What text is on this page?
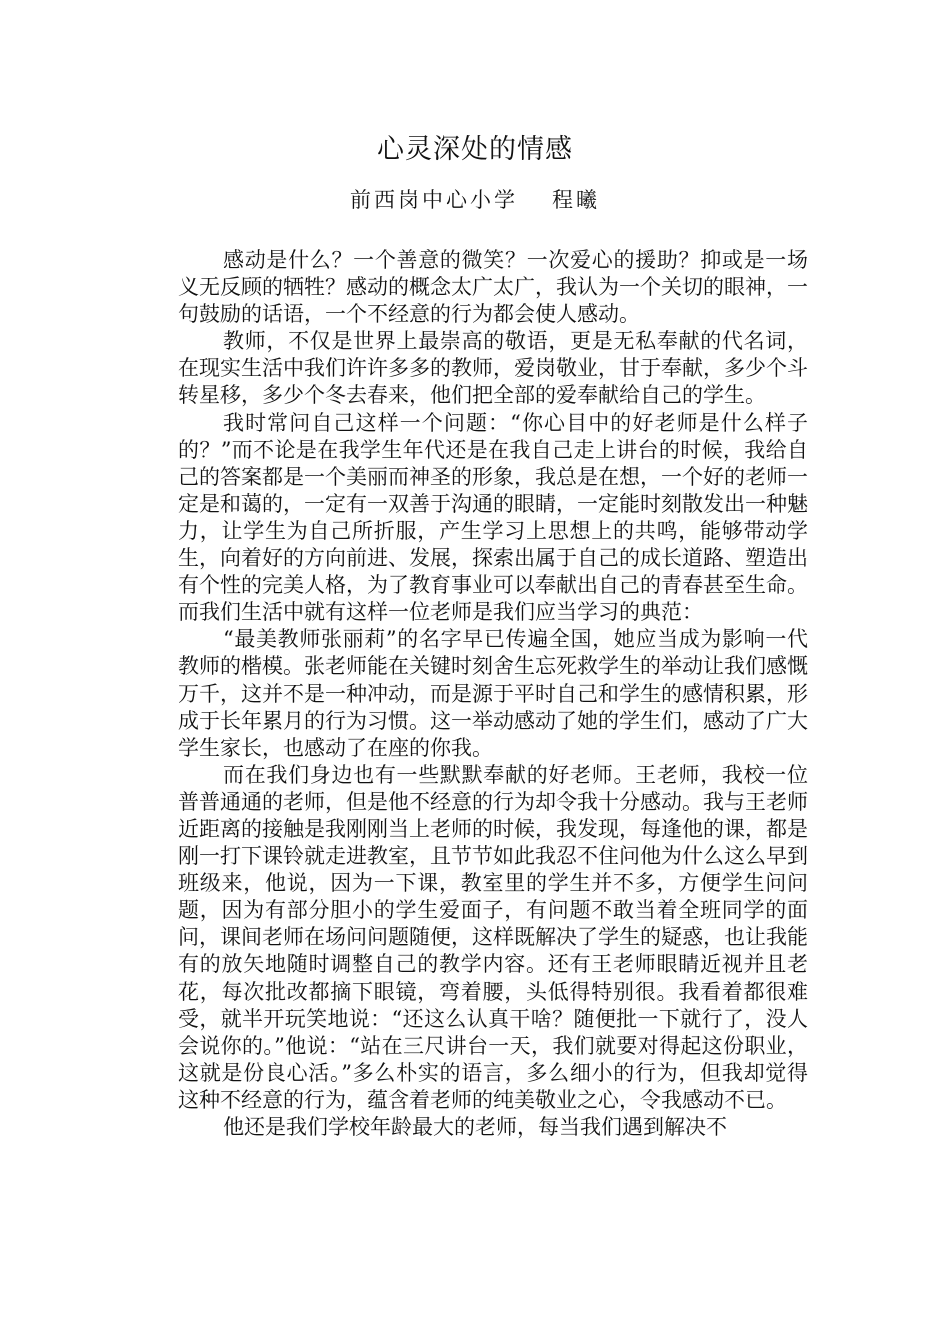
心灵深处的情感
前西岗中心小学 程曦

感动是什么？一个善意的微笑？一次爱心的援助？抑或是一场义无反顾的牺牲？感动的概念太广太广，我认为一个关切的眼神，一句鼓励的话语，一个不经意的行为都会使人感动。

教师，不仅是世界上最崇高的敬语，更是无私奉献的代名词，在现实生活中我们许许多多的教师，爱岗敬业，甘于奉献，多少个斗转星移，多少个冬去春来，他们把全部的爱奉献给自己的学生。

我时常问自己这样一个问题：“你心目中的好老师是什么样子的？”而不论是在我学生年代还是在我自己走上讲台的时候，我给自己的答案都是一个美丽而神圣的形象，我总是在想，一个好的老师一定是和蔼的，一定有一双善于沟通的眼睛，一定能时刻散发出一种魅力，让学生为自己所折服，产生学习上思想上的共鸣，能够带动学生，向着好的方向前进、发展，探索出属于自己的成长道路、塑造出有个性的完美人格，为了教育事业可以奉献出自己的青春甚至生命。而我们生活中就有这样一位老师是我们应当学习的典范：

“最美教师张丽莉”的名字早已传遍全国，她应当成为影响一代教师的楷模。张老师能在关键时刻舍生忘死救学生的举动让我们感慨万千，这并不是一种冲动，而是源于平时自己和学生的感情积累，形成于长年累月的行为习惯。这一举动感动了她的学生们，感动了广大学生家长，也感动了在座的你我。

而在我们身边也有一些默默奉献的好老师。王老师，我校一位普普通通的老师，但是他不经意的行为却令我十分感动。我与王老师近距离的接触是我刚刚当上老师的时候，我发现，每逢他的课，都是刚一打下课铃就走进教室，且节节如此我忍不住问他为什么这么早到班级来，他说，因为一下课，教室里的学生并不多，方便学生问问题，因为有部分胆小的学生爱面子，有问题不敢当着全班同学的面问，课间老师在场问问题随便，这样既解决了学生的疑惑，也让我能有的放矢地随时调整自己的教学内容。还有王老师眼睛近视并且老花，每次批改都摘下眼镜，弯着腰，头低得特别很。我看着都很难受，就半开玩笑地说：“还这么认真干啥？随便批一下就行了，没人会说你的。”他说：“站在三尺讲台一天，我们就要对得起这份职业，这就是份良心活。”多么朴实的语言，多么细小的行为，但我却觉得这种不经意的行为，蕴含着老师的纯美敬业之心，令我感动不已。

他还是我们学校年龄最大的老师，每当我们遇到解决不
